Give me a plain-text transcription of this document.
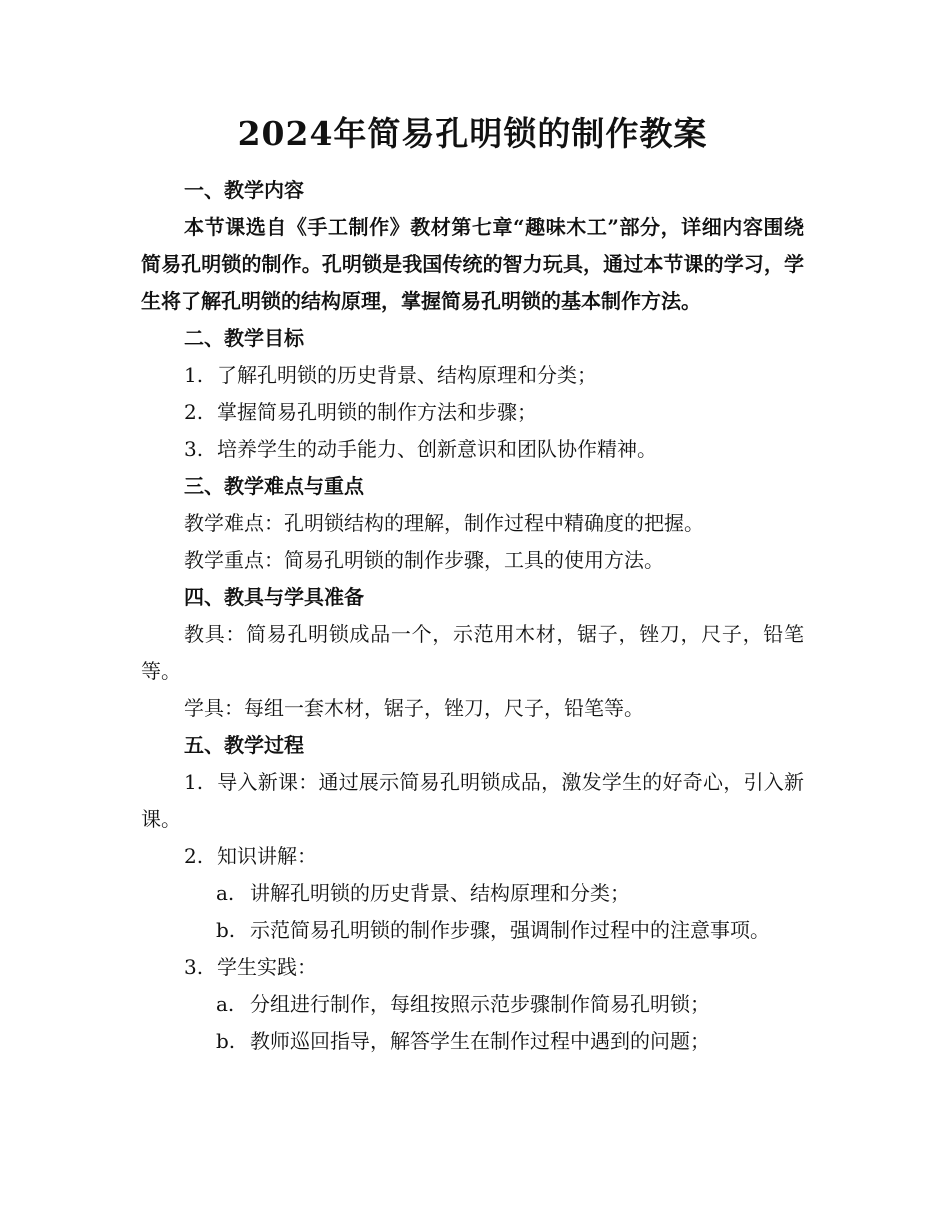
2024年简易孔明锁的制作教案

一、教学内容

本节课选自《手工制作》教材第七章“趣味木工”部分，详细内容围绕简易孔明锁的制作。孔明锁是我国传统的智力玩具，通过本节课的学习，学生将了解孔明锁的结构原理，掌握简易孔明锁的基本制作方法。

二、教学目标

1. 了解孔明锁的历史背景、结构原理和分类；

2. 掌握简易孔明锁的制作方法和步骤；

3. 培养学生的动手能力、创新意识和团队协作精神。

三、教学难点与重点

教学难点：孔明锁结构的理解，制作过程中精确度的把握。

教学重点：简易孔明锁的制作步骤，工具的使用方法。

四、教具与学具准备

教具：简易孔明锁成品一个，示范用木材，锯子，锉刀，尺子，铅笔等。

学具：每组一套木材，锯子，锉刀，尺子，铅笔等。

五、教学过程

1. 导入新课：通过展示简易孔明锁成品，激发学生的好奇心，引入新课。

2. 知识讲解：

a. 讲解孔明锁的历史背景、结构原理和分类；

b. 示范简易孔明锁的制作步骤，强调制作过程中的注意事项。

3. 学生实践：

a. 分组进行制作，每组按照示范步骤制作简易孔明锁；

b. 教师巡回指导，解答学生在制作过程中遇到的问题；
